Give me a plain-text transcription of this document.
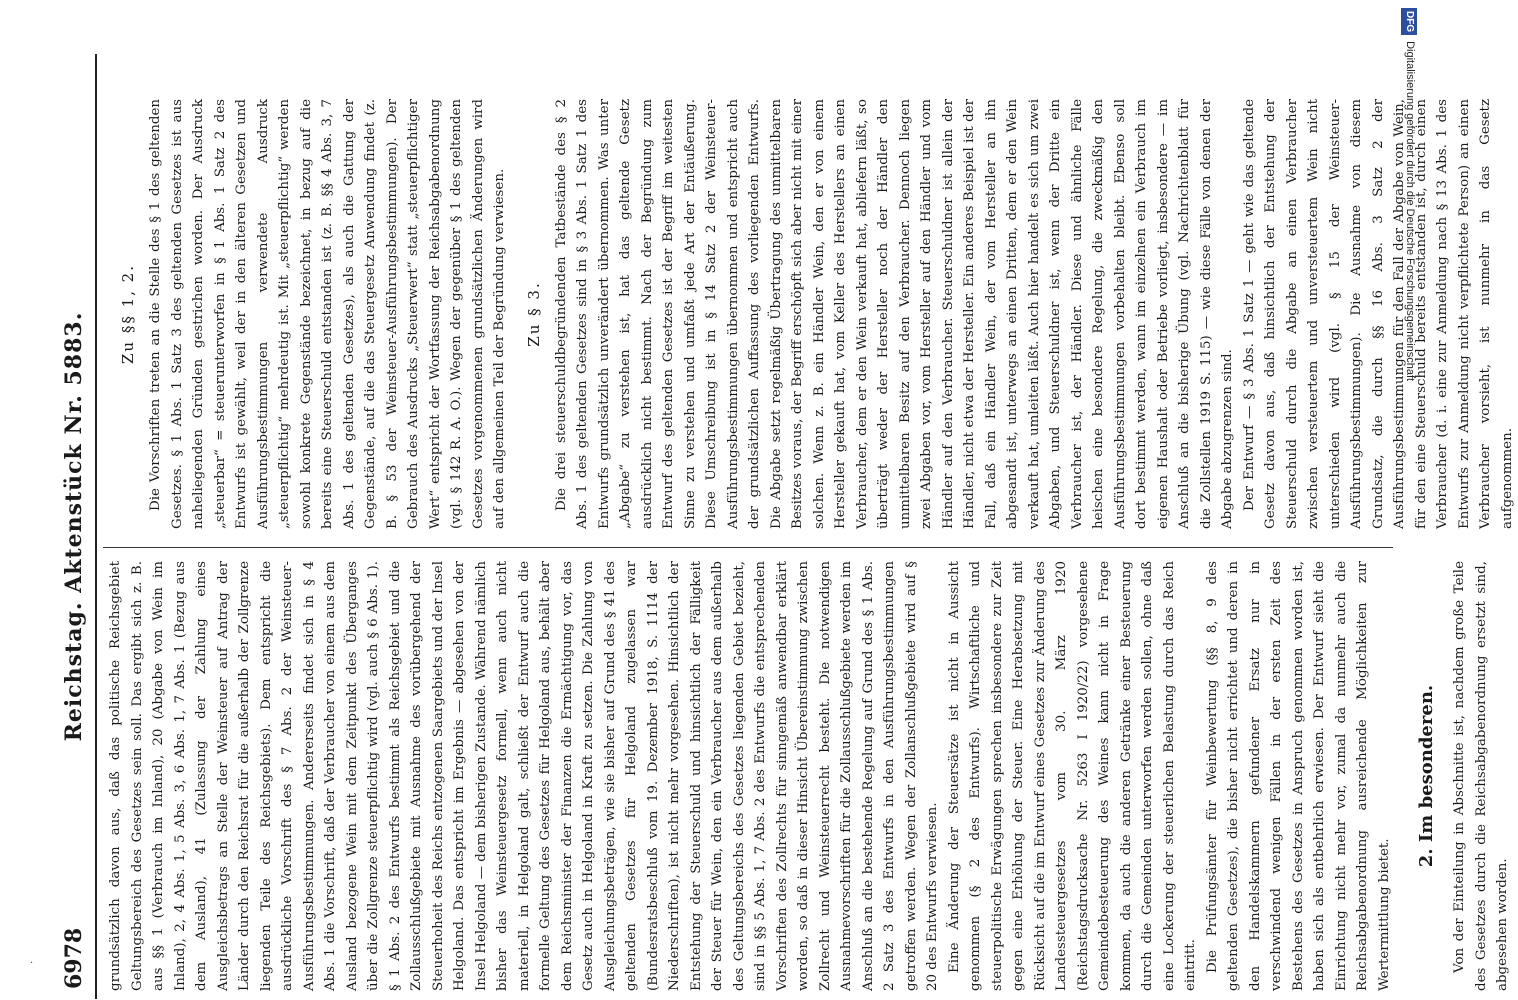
6978
Reichstag. Aktenstück Nr. 5883.

grundsätzlich davon aus, daß das politische Reichsgebiet Geltungsbereich des Gesetzes sein soll. Das ergibt sich z. B. aus §§ 1 (Verbrauch im Inland), 20 (Abgabe von Wein im Inland), 2, 4 Abs. 1, 5 Abs. 3, 6 Abs. 1, 7 Abs. 1 (Bezug aus dem Ausland), 41 (Zulassung der Zahlung eines Ausgleichsbetrags an Stelle der Weinsteuer auf Antrag der Länder durch den Reichsrat für die außerhalb der Zollgrenze liegenden Teile des Reichsgebiets). Dem entspricht die ausdrückliche Vorschrift des § 7 Abs. 2 der Weinsteuer-Ausführungsbestimmungen. Andererseits findet sich in § 4 Abs. 1 die Vorschrift, daß der Verbraucher von einem aus dem Ausland bezogene Wein mit dem Zeitpunkt des Überganges über die Zollgrenze steuerpflichtig wird (vgl. auch § 6 Abs. 1). § 1 Abs. 2 des Entwurfs bestimmt als Reichsgebiet und die Zollausschlußgebiete mit Ausnahme des vorübergehend der Steuerhoheit des Reichs entzogenen Saargebiets und der Insel Helgoland. Das entspricht im Ergebnis — abgesehen von der Insel Helgoland — dem bisherigen Zustande. Während nämlich bisher das Weinsteuergesetz formell, wenn auch nicht materiell, in Helgoland galt, schließt der Entwurf auch die formelle Geltung des Gesetzes für Helgoland aus, behält aber dem Reichsminister der Finanzen die Ermächtigung vor, das Gesetz auch in Helgoland in Kraft zu setzen. Die Zahlung von Ausgleichungsbeträgen, wie sie bisher auf Grund des § 41 des geltenden Gesetzes für Helgoland zugelassen war (Bundesratsbeschluß vom 19. Dezember 1918, S. 1114 der Niederschriften), ist nicht mehr vorgesehen. Hinsichtlich der Entstehung der Steuerschuld und hinsichtlich der Fälligkeit der Steuer für Wein, den ein Verbraucher aus dem außerhalb des Geltungsbereichs des Gesetzes liegenden Gebiet bezieht, sind in §§ 5 Abs. 1, 7 Abs. 2 des Entwurfs die entsprechenden Vorschriften des Zollrechts für sinngemäß anwendbar erklärt worden, so daß in dieser Hinsicht Übereinstimmung zwischen Zollrecht und Weinsteuerrecht besteht. Die notwendigen Ausnahmevorschriften für die Zollausschlußgebiete werden im Anschluß an die bestehende Regelung auf Grund des § 1 Abs. 2 Satz 3 des Entwurfs in den Ausführungsbestimmungen getroffen werden. Wegen der Zollanschlußgebiete wird auf § 20 des Entwurfs verwiesen. Eine Änderung der Steuersätze ist nicht in Aussicht genommen (§ 2 des Entwurfs). Wirtschaftliche und steuerpolitische Erwägungen sprechen insbesondere zur Zeit gegen eine Erhöhung der Steuer. Eine Herabsetzung mit Rücksicht auf die im Entwurf eines Gesetzes zur Änderung des Landessteuergesetzes vom 30. März 1920 (Reichstagsdrucksache Nr. 5263 I 1920/22) vorgesehene Gemeindebesteuerung des Weines kann nicht in Frage kommen, da auch die anderen Getränke einer Besteuerung durch die Gemeinden unterworfen werden sollen, ohne daß eine Lockerung der steuerlichen Belastung durch das Reich eintritt. Die Prüfungsämter für Weinbewertung (§§ 8, 9 des geltenden Gesetzes), die bisher nicht errichtet und deren in den Handelskammern gefundener Ersatz nur in verschwindend wenigen Fällen in der ersten Zeit des Bestehens des Gesetzes in Anspruch genommen worden ist, haben sich als entbehrlich erwiesen. Der Entwurf sieht die Einrichtung nicht mehr vor, zumal da nunmehr auch die Reichsabgabenordnung ausreichende Möglichkeiten zur Wertermittlung bietet.

2. Im besonderen. Von der Einteilung in Abschnitte ist, nachdem große Teile des Gesetzes durch die Reichsabgabenordnung ersetzt sind, abgesehen worden.

Zu §§ 1, 2. Die Vorschriften treten an die Stelle des § 1 des geltenden Gesetzes. § 1 Abs. 1 Satz 3 des geltenden Gesetzes ist aus naheliegenden Gründen gestrichen worden. Der Ausdruck „steuerbar“ = steuerunterworfen in § 1 Abs. 1 Satz 2 des Entwurfs ist gewählt, weil der in den älteren Gesetzen und Ausführungsbestimmungen verwendete Ausdruck „steuerpflichtig“ mehrdeutig ist. Mit „steuerpflichtig“ werden sowohl konkrete Gegenstände bezeichnet, in bezug auf die bereits eine Steuerschuld entstanden ist (z. B. §§ 4 Abs. 3, 7 Abs. 1 des geltenden Gesetzes), als auch die Gattung der Gegenstände, auf die das Steuergesetz Anwendung findet (z. B. § 53 der Weinsteuer-Ausführungsbestimmungen). Der Gebrauch des Ausdrucks „Steuerwert“ statt „steuerpflichtiger Wert“ entspricht der Wortfassung der Reichsabgabenordnung (vgl. § 142 R. A. O.). Wegen der gegenüber § 1 des geltenden Gesetzes vorgenommenen grundsätzlichen Änderungen wird auf den allgemeinen Teil der Begründung verwiesen. Zu § 3. Die drei steuerschuldbegründenden Tatbestände des § 2 Abs. 1 des geltenden Gesetzes sind in § 3 Abs. 1 Satz 1 des Entwurfs grundsätzlich unverändert übernommen. Was unter „Abgabe“ zu verstehen ist, hat das geltende Gesetz ausdrücklich nicht bestimmt. Nach der Begründung zum Entwurf des geltenden Gesetzes ist der Begriff im weitesten Sinne zu verstehen und umfaßt jede Art der Entäußerung. Diese Umschreibung ist in § 14 Satz 2 der Weinsteuer-Ausführungsbestimmungen übernommen und entspricht auch der grundsätzlichen Auffassung des vorliegenden Entwurfs. Die Abgabe setzt regelmäßig Übertragung des unmittelbaren Besitzes voraus, der Begriff erschöpft sich aber nicht mit einer solchen. Wenn z. B. ein Händler Wein, den er von einem Hersteller gekauft hat, vom Keller des Herstellers an einen Verbraucher, dem er den Wein verkauft hat, abliefern läßt, so überträgt weder der Hersteller noch der Händler den unmittelbaren Besitz auf den Verbraucher. Dennoch liegen zwei Abgaben vor, vom Hersteller auf den Händler und vom Händler auf den Verbraucher. Steuerschuldner ist allein der Händler, nicht etwa der Hersteller. Ein anderes Beispiel ist der Fall, daß ein Händler Wein, der vom Hersteller an ihn abgesandt ist, unterwegs an einen Dritten, dem er den Wein verkauft hat, umleiten läßt. Auch hier handelt es sich um zwei Abgaben, und Steuerschuldner ist, wenn der Dritte ein Verbraucher ist, der Händler. Diese und ähnliche Fälle heischen eine besondere Regelung, die zweckmäßig den Ausführungsbestimmungen vorbehalten bleibt. Ebenso soll dort bestimmt werden, wann im einzelnen ein Verbrauch im eigenen Haushalt oder Betriebe vorliegt, insbesondere — im Anschluß an die bisherige Übung (vgl. Nachrichtenblatt für die Zollstellen 1919 S. 115) — wie diese Fälle von denen der Abgabe abzugrenzen sind. Der Entwurf — § 3 Abs. 1 Satz 1 — geht wie das geltende Gesetz davon aus, daß hinsichtlich der Entstehung der Steuerschuld durch die Abgabe an einen Verbraucher zwischen versteuertem und unversteuertem Wein nicht unterschieden wird (vgl. § 15 der Weinsteuer-Ausführungsbestimmungen). Die Ausnahme von diesem Grundsatz, die durch §§ 16 Abs. 3 Satz 2 der Ausführungsbestimmungen für den Fall der Abgabe von Wein, für den eine Steuerschuld bereits entstanden ist, durch einen Verbraucher (d. i. eine zur Anmeldung nach § 13 Abs. 1 des Entwurfs zur Anmeldung nicht verpflichtete Person) an einen Verbraucher vorsieht, ist nunmehr in das Gesetz aufgenommen.

·
DFGDigitalisierung gefördert durch die Deutsche Forschungsgemeinschaft
